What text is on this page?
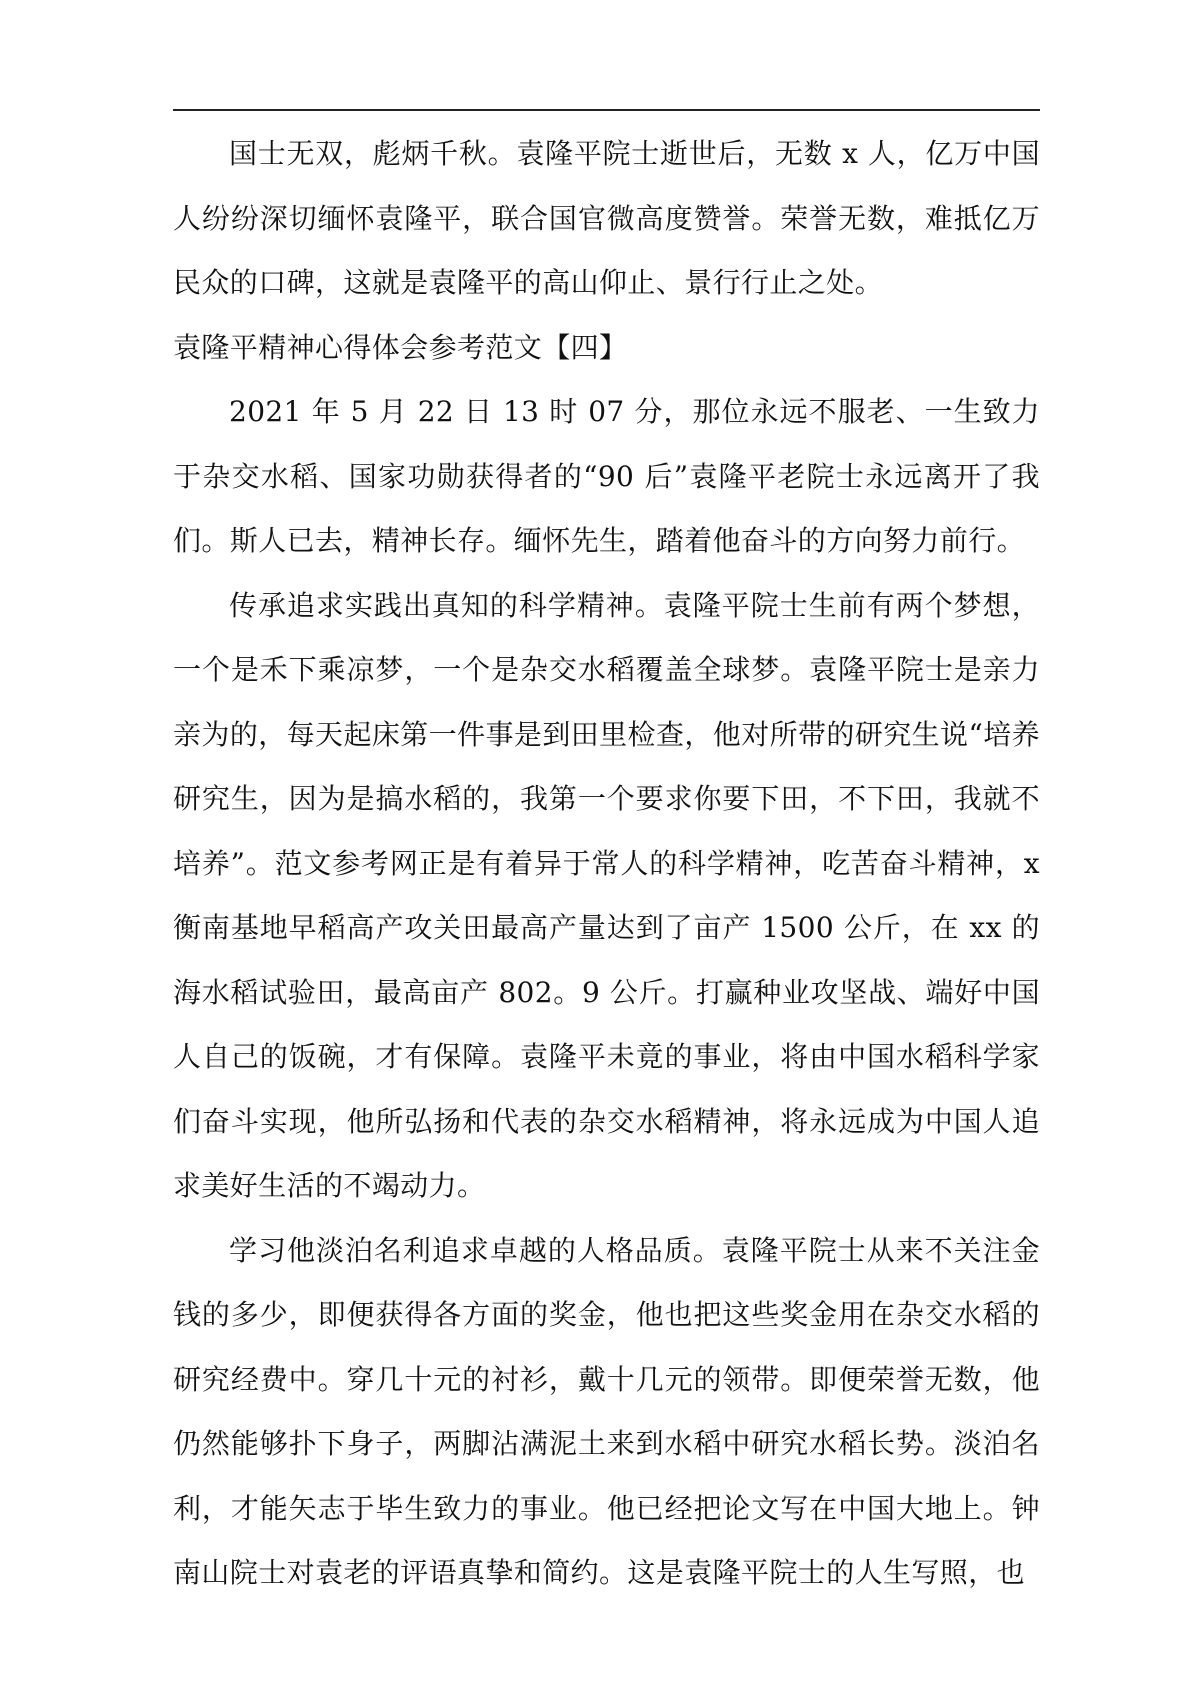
国士无双，彪炳千秋。袁隆平院士逝世后，无数 x 人，亿万中国人纷纷深切缅怀袁隆平，联合国官微高度赞誉。荣誉无数，难抵亿万民众的口碑，这就是袁隆平的高山仰止、景行行止之处。

袁隆平精神心得体会参考范文【四】

2021 年 5 月 22 日 13 时 07 分，那位永远不服老、一生致力于杂交水稻、国家功勋获得者的“90 后”袁隆平老院士永远离开了我们。斯人已去，精神长存。缅怀先生，踏着他奋斗的方向努力前行。

传承追求实践出真知的科学精神。袁隆平院士生前有两个梦想，一个是禾下乘凉梦，一个是杂交水稻覆盖全球梦。袁隆平院士是亲力亲为的，每天起床第一件事是到田里检查，他对所带的研究生说“培养研究生，因为是搞水稻的，我第一个要求你要下田，不下田，我就不培养”。范文参考网正是有着异于常人的科学精神，吃苦奋斗精神，x 衡南基地早稻高产攻关田最高产量达到了亩产 1500 公斤，在 xx 的海水稻试验田，最高亩产 802。9 公斤。打赢种业攻坚战、端好中国人自己的饭碗，才有保障。袁隆平未竟的事业，将由中国水稻科学家们奋斗实现，他所弘扬和代表的杂交水稻精神，将永远成为中国人追求美好生活的不竭动力。

学习他淡泊名利追求卓越的人格品质。袁隆平院士从来不关注金钱的多少，即便获得各方面的奖金，他也把这些奖金用在杂交水稻的研究经费中。穿几十元的衬衫，戴十几元的领带。即便荣誉无数，他仍然能够扑下身子，两脚沾满泥土来到水稻中研究水稻长势。淡泊名利，才能矢志于毕生致力的事业。他已经把论文写在中国大地上。钟南山院士对袁老的评语真挚和简约。这是袁隆平院士的人生写照，也
